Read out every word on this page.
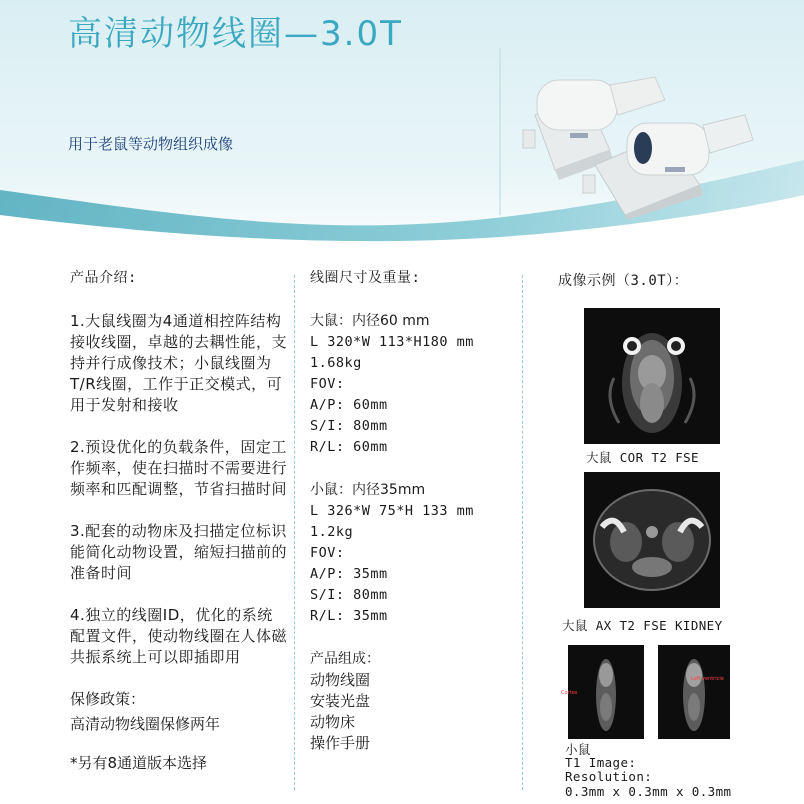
高清动物线圈—3.0T
用于老鼠等动物组织成像

产品介绍:

1.大鼠线圈为4通道相控阵结构接收线圈，卓越的去耦性能，支持并行成像技术；小鼠线圈为T/R线圈，工作于正交模式，可用于发射和接收

2.预设优化的负载条件，固定工作频率，使在扫描时不需要进行频率和匹配调整，节省扫描时间

3.配套的动物床及扫描定位标识能简化动物设置，缩短扫描前的准备时间

4.独立的线圈ID，优化的系统配置文件，使动物线圈在人体磁共振系统上可以即插即用

保修政策：

高清动物线圈保修两年

*另有8通道版本选择

线圈尺寸及重量:

大鼠：内径60 mm

L 320*W 113*H180 mm

1.68kg

FOV:

A/P: 60mm

S/I: 80mm

R/L: 60mm

小鼠：内径35mm

L 326*W 75*H 133 mm

1.2kg

FOV:

A/P: 35mm

S/I: 80mm

R/L: 35mm

产品组成：

动物线圈

安装光盘

动物床

操作手册

成像示例（3.0T）：
大鼠 COR T2 FSE
大鼠 AX T2 FSE KIDNEY
Cortex
Left ventricle
小鼠
T1 Image:
Resolution:
0.3mm x 0.3mm x 0.3mm
